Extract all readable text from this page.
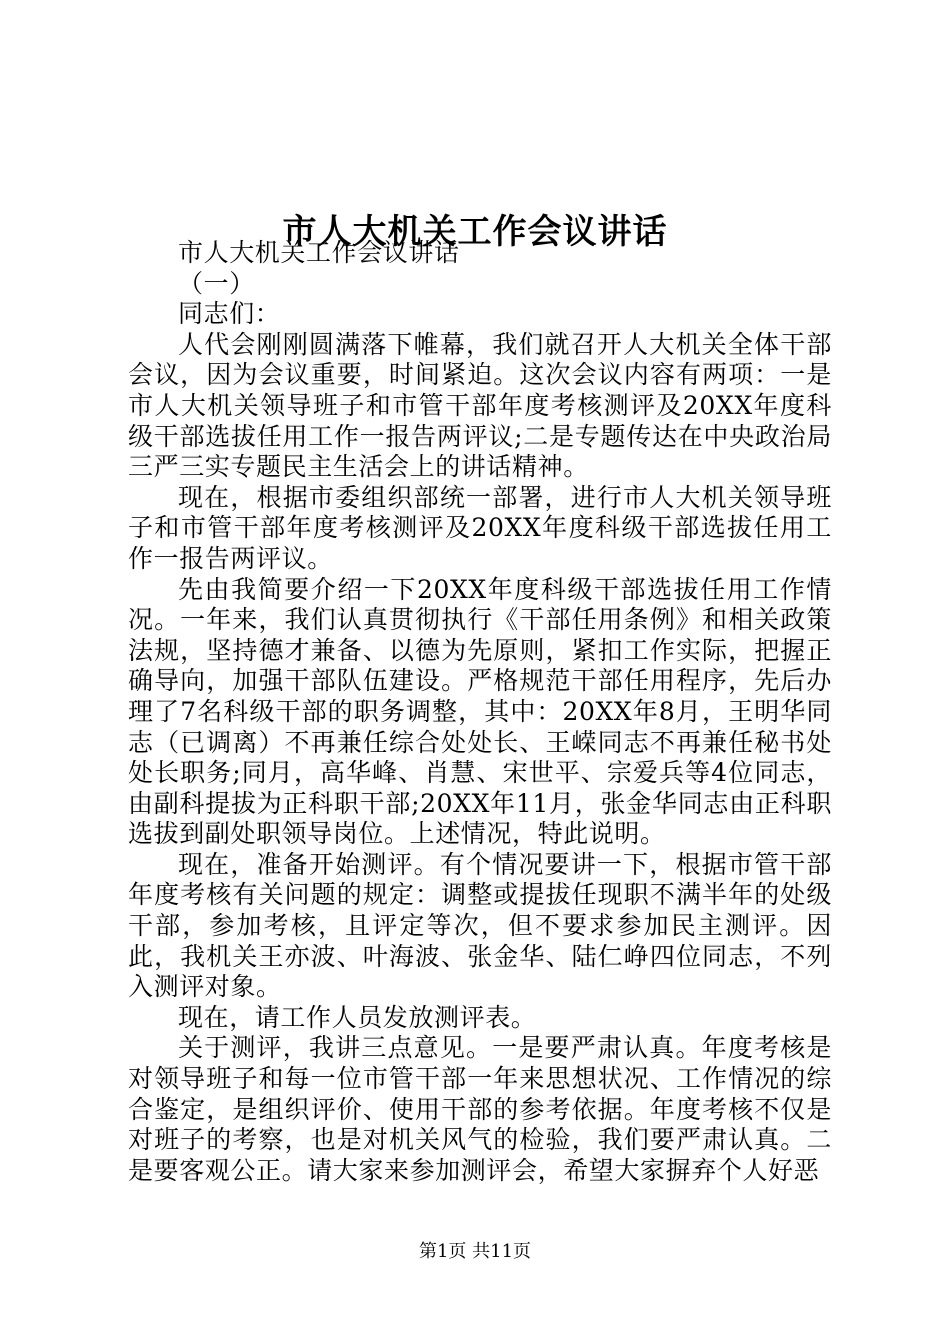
市人大机关工作会议讲话

市人大机关工作会议讲话

（一）

同志们：

人代会刚刚圆满落下帷幕，我们就召开人大机关全体干部会议，因为会议重要，时间紧迫。这次会议内容有两项：一是市人大机关领导班子和市管干部年度考核测评及20XX年度科级干部选拔任用工作一报告两评议;二是专题传达在中央政治局三严三实专题民主生活会上的讲话精神。

现在，根据市委组织部统一部署，进行市人大机关领导班子和市管干部年度考核测评及20XX年度科级干部选拔任用工作一报告两评议。

先由我简要介绍一下20XX年度科级干部选拔任用工作情况。一年来，我们认真贯彻执行《干部任用条例》和相关政策法规，坚持德才兼备、以德为先原则，紧扣工作实际，把握正确导向，加强干部队伍建设。严格规范干部任用程序，先后办理了7名科级干部的职务调整，其中：20XX年8月，王明华同志（已调离）不再兼任综合处处长、王嵘同志不再兼任秘书处处长职务;同月，高华峰、肖慧、宋世平、宗爱兵等4位同志，由副科提拔为正科职干部;20XX年11月，张金华同志由正科职选拔到副处职领导岗位。上述情况，特此说明。

现在，准备开始测评。有个情况要讲一下，根据市管干部年度考核有关问题的规定：调整或提拔任现职不满半年的处级干部，参加考核，且评定等次，但不要求参加民主测评。因此，我机关王亦波、叶海波、张金华、陆仁峥四位同志，不列入测评对象。

现在，请工作人员发放测评表。

关于测评，我讲三点意见。一是要严肃认真。年度考核是对领导班子和每一位市管干部一年来思想状况、工作情况的综合鉴定，是组织评价、使用干部的参考依据。年度考核不仅是对班子的考察，也是对机关风气的检验，我们要严肃认真。二是要客观公正。请大家来参加测评会，希望大家摒弃个人好恶

第1页 共11页
